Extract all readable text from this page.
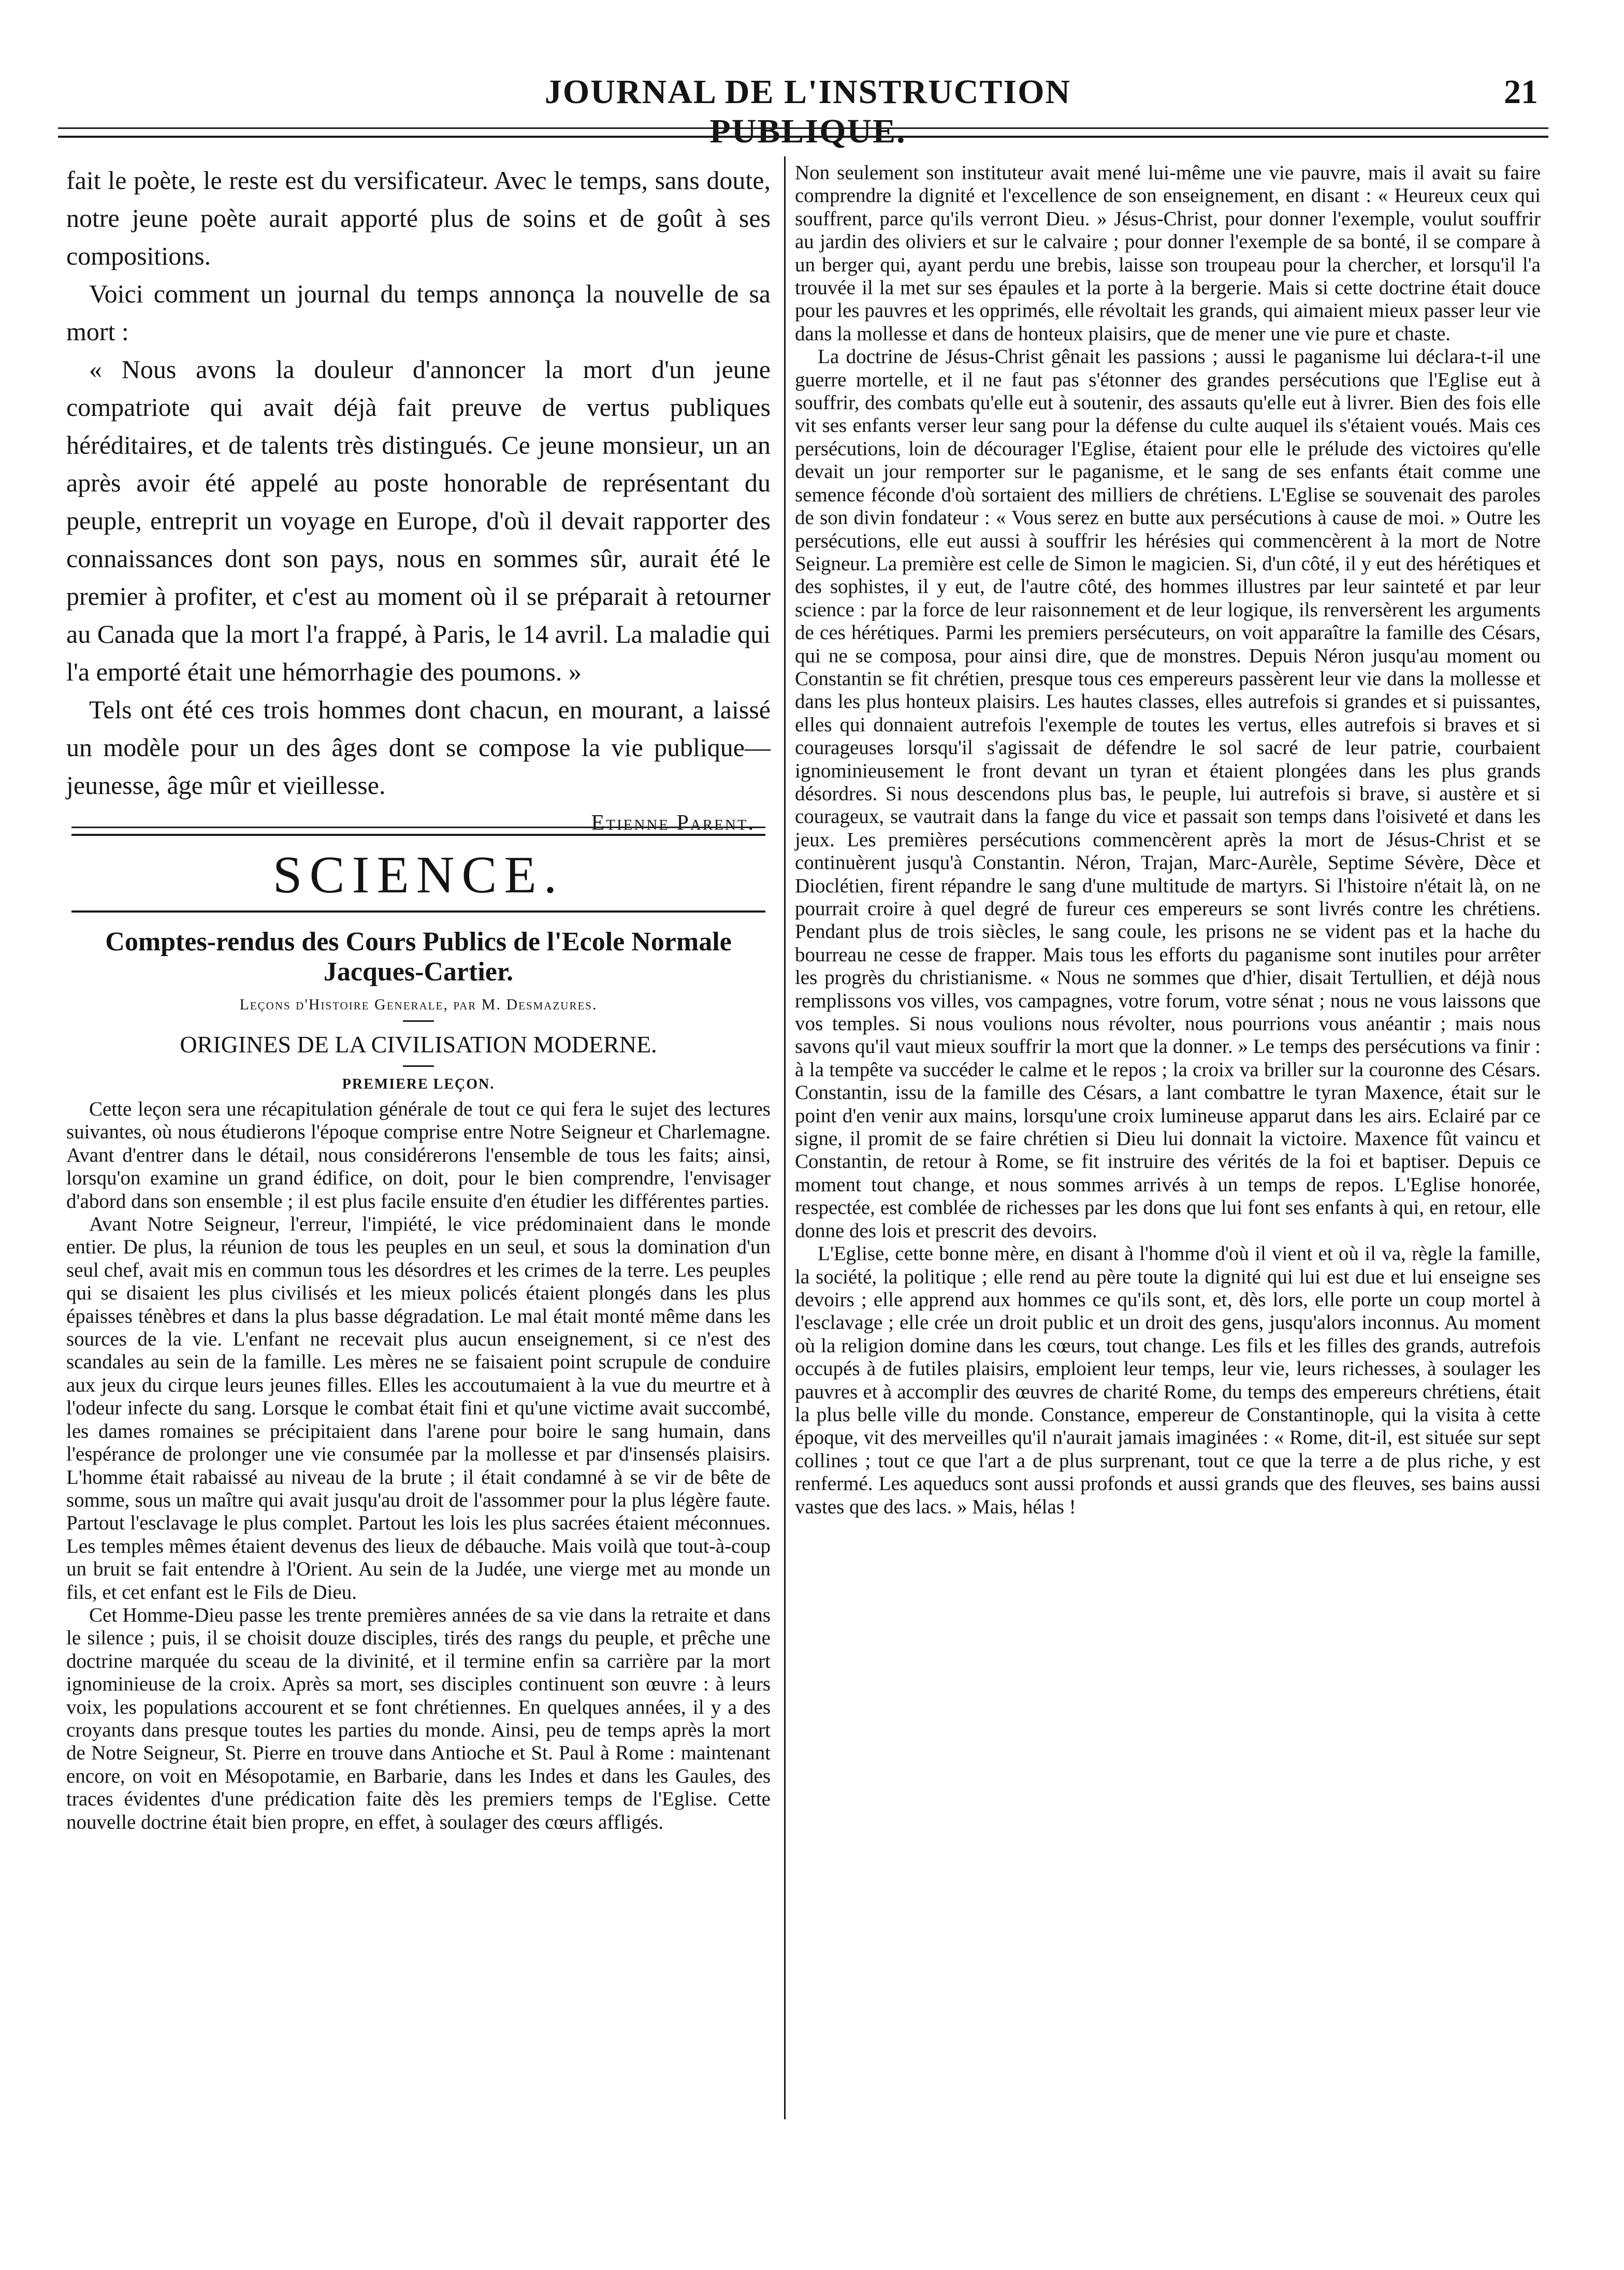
JOURNAL DE L'INSTRUCTION PUBLIQUE.
21

fait le poète, le reste est du versificateur. Avec le temps, sans doute, notre jeune poète aurait apporté plus de soins et de goût à ses compositions.

Voici comment un journal du temps annonça la nouvelle de sa mort :

« Nous avons la douleur d'annoncer la mort d'un jeune compatriote qui avait déjà fait preuve de vertus publiques héréditaires, et de talents très distingués. Ce jeune monsieur, un an après avoir été appelé au poste honorable de représentant du peuple, entreprit un voyage en Europe, d'où il devait rapporter des connaissances dont son pays, nous en sommes sûr, aurait été le premier à profiter, et c'est au moment où il se préparait à retourner au Canada que la mort l'a frappé, à Paris, le 14 avril. La maladie qui l'a emporté était une hémorrhagie des poumons. »

Tels ont été ces trois hommes dont chacun, en mourant, a laissé un modèle pour un des âges dont se compose la vie publique—jeunesse, âge mûr et vieillesse.

Etienne Parent.

SCIENCE.

Comptes-rendus des Cours Publics de l'Ecole Normale Jacques-Cartier.

Leçons d'Histoire Generale, par M. Desmazures.

ORIGINES DE LA CIVILISATION MODERNE.

PREMIERE LEÇON.

Cette leçon sera une récapitulation générale de tout ce qui fera le sujet des lectures suivantes, où nous étudierons l'époque comprise entre Notre Seigneur et Charlemagne. Avant d'entrer dans le détail, nous considérerons l'ensemble de tous les faits; ainsi, lorsqu'on examine un grand édifice, on doit, pour le bien comprendre, l'envisager d'abord dans son ensemble ; il est plus facile ensuite d'en étudier les différentes parties.

Avant Notre Seigneur, l'erreur, l'impiété, le vice prédominaient dans le monde entier. De plus, la réunion de tous les peuples en un seul, et sous la domination d'un seul chef, avait mis en commun tous les désordres et les crimes de la terre. Les peuples qui se disaient les plus civilisés et les mieux policés étaient plongés dans les plus épaisses ténèbres et dans la plus basse dégradation. Le mal était monté même dans les sources de la vie. L'enfant ne recevait plus aucun enseignement, si ce n'est des scandales au sein de la famille. Les mères ne se faisaient point scrupule de conduire aux jeux du cirque leurs jeunes filles. Elles les accoutumaient à la vue du meurtre et à l'odeur infecte du sang. Lorsque le combat était fini et qu'une victime avait succombé, les dames romaines se précipitaient dans l'arene pour boire le sang humain, dans l'espérance de prolonger une vie consumée par la mollesse et par d'insensés plaisirs. L'homme était rabaissé au niveau de la brute ; il était condamné à se vir de bête de somme, sous un maître qui avait jusqu'au droit de l'assommer pour la plus légère faute. Partout l'esclavage le plus complet. Partout les lois les plus sacrées étaient méconnues. Les temples mêmes étaient devenus des lieux de débauche. Mais voilà que tout-à-coup un bruit se fait entendre à l'Orient. Au sein de la Judée, une vierge met au monde un fils, et cet enfant est le Fils de Dieu.

Cet Homme-Dieu passe les trente premières années de sa vie dans la retraite et dans le silence ; puis, il se choisit douze disciples, tirés des rangs du peuple, et prêche une doctrine marquée du sceau de la divinité, et il termine enfin sa carrière par la mort ignominieuse de la croix. Après sa mort, ses disciples continuent son œuvre : à leurs voix, les populations accourent et se font chrétiennes. En quelques années, il y a des croyants dans presque toutes les parties du monde. Ainsi, peu de temps après la mort de Notre Seigneur, St. Pierre en trouve dans Antioche et St. Paul à Rome : maintenant encore, on voit en Mésopotamie, en Barbarie, dans les Indes et dans les Gaules, des traces évidentes d'une prédication faite dès les premiers temps de l'Eglise. Cette nouvelle doctrine était bien propre, en effet, à soulager des cœurs affligés.

Non seulement son instituteur avait mené lui-même une vie pauvre, mais il avait su faire comprendre la dignité et l'excellence de son enseignement, en disant : « Heureux ceux qui souffrent, parce qu'ils verront Dieu. » Jésus-Christ, pour donner l'exemple, voulut souffrir au jardin des oliviers et sur le calvaire ; pour donner l'exemple de sa bonté, il se compare à un berger qui, ayant perdu une brebis, laisse son troupeau pour la chercher, et lorsqu'il l'a trouvée il la met sur ses épaules et la porte à la bergerie. Mais si cette doctrine était douce pour les pauvres et les opprimés, elle révoltait les grands, qui aimaient mieux passer leur vie dans la mollesse et dans de honteux plaisirs, que de mener une vie pure et chaste.

La doctrine de Jésus-Christ gênait les passions ; aussi le paganisme lui déclara-t-il une guerre mortelle, et il ne faut pas s'étonner des grandes persécutions que l'Eglise eut à souffrir, des combats qu'elle eut à soutenir, des assauts qu'elle eut à livrer. Bien des fois elle vit ses enfants verser leur sang pour la défense du culte auquel ils s'étaient voués. Mais ces persécutions, loin de décourager l'Eglise, étaient pour elle le prélude des victoires qu'elle devait un jour remporter sur le paganisme, et le sang de ses enfants était comme une semence féconde d'où sortaient des milliers de chrétiens. L'Eglise se souvenait des paroles de son divin fondateur : « Vous serez en butte aux persécutions à cause de moi. » Outre les persécutions, elle eut aussi à souffrir les hérésies qui commencèrent à la mort de Notre Seigneur. La première est celle de Simon le magicien. Si, d'un côté, il y eut des hérétiques et des sophistes, il y eut, de l'autre côté, des hommes illustres par leur sainteté et par leur science : par la force de leur raisonnement et de leur logique, ils renversèrent les arguments de ces hérétiques. Parmi les premiers persécuteurs, on voit apparaître la famille des Césars, qui ne se composa, pour ainsi dire, que de monstres. Depuis Néron jusqu'au moment ou Constantin se fit chrétien, presque tous ces empereurs passèrent leur vie dans la mollesse et dans les plus honteux plaisirs. Les hautes classes, elles autrefois si grandes et si puissantes, elles qui donnaient autrefois l'exemple de toutes les vertus, elles autrefois si braves et si courageuses lorsqu'il s'agissait de défendre le sol sacré de leur patrie, courbaient ignominieusement le front devant un tyran et étaient plongées dans les plus grands désordres. Si nous descendons plus bas, le peuple, lui autrefois si brave, si austère et si courageux, se vautrait dans la fange du vice et passait son temps dans l'oisiveté et dans les jeux. Les premières persécutions commencèrent après la mort de Jésus-Christ et se continuèrent jusqu'à Constantin. Néron, Trajan, Marc-Aurèle, Septime Sévère, Dèce et Dioclétien, firent répandre le sang d'une multitude de martyrs. Si l'histoire n'était là, on ne pourrait croire à quel degré de fureur ces empereurs se sont livrés contre les chrétiens. Pendant plus de trois siècles, le sang coule, les prisons ne se vident pas et la hache du bourreau ne cesse de frapper. Mais tous les efforts du paganisme sont inutiles pour arrêter les progrès du christianisme. « Nous ne sommes que d'hier, disait Tertullien, et déjà nous remplissons vos villes, vos campagnes, votre forum, votre sénat ; nous ne vous laissons que vos temples. Si nous voulions nous révolter, nous pourrions vous anéantir ; mais nous savons qu'il vaut mieux souffrir la mort que la donner. » Le temps des persécutions va finir : à la tempête va succéder le calme et le repos ; la croix va briller sur la couronne des Césars. Constantin, issu de la famille des Césars, a lant combattre le tyran Maxence, était sur le point d'en venir aux mains, lorsqu'une croix lumineuse apparut dans les airs. Eclairé par ce signe, il promit de se faire chrétien si Dieu lui donnait la victoire. Maxence fût vaincu et Constantin, de retour à Rome, se fit instruire des vérités de la foi et baptiser. Depuis ce moment tout change, et nous sommes arrivés à un temps de repos. L'Eglise honorée, respectée, est comblée de richesses par les dons que lui font ses enfants à qui, en retour, elle donne des lois et prescrit des devoirs.

L'Eglise, cette bonne mère, en disant à l'homme d'où il vient et où il va, règle la famille, la société, la politique ; elle rend au père toute la dignité qui lui est due et lui enseigne ses devoirs ; elle apprend aux hommes ce qu'ils sont, et, dès lors, elle porte un coup mortel à l'esclavage ; elle crée un droit public et un droit des gens, jusqu'alors inconnus. Au moment où la religion domine dans les cœurs, tout change. Les fils et les filles des grands, autrefois occupés à de futiles plaisirs, emploient leur temps, leur vie, leurs richesses, à soulager les pauvres et à accomplir des œuvres de charité Rome, du temps des empereurs chrétiens, était la plus belle ville du monde. Constance, empereur de Constantinople, qui la visita à cette époque, vit des merveilles qu'il n'aurait jamais imaginées : « Rome, dit-il, est située sur sept collines ; tout ce que l'art a de plus surprenant, tout ce que la terre a de plus riche, y est renfermé. Les aqueducs sont aussi profonds et aussi grands que des fleuves, ses bains aussi vastes que des lacs. » Mais, hélas !
